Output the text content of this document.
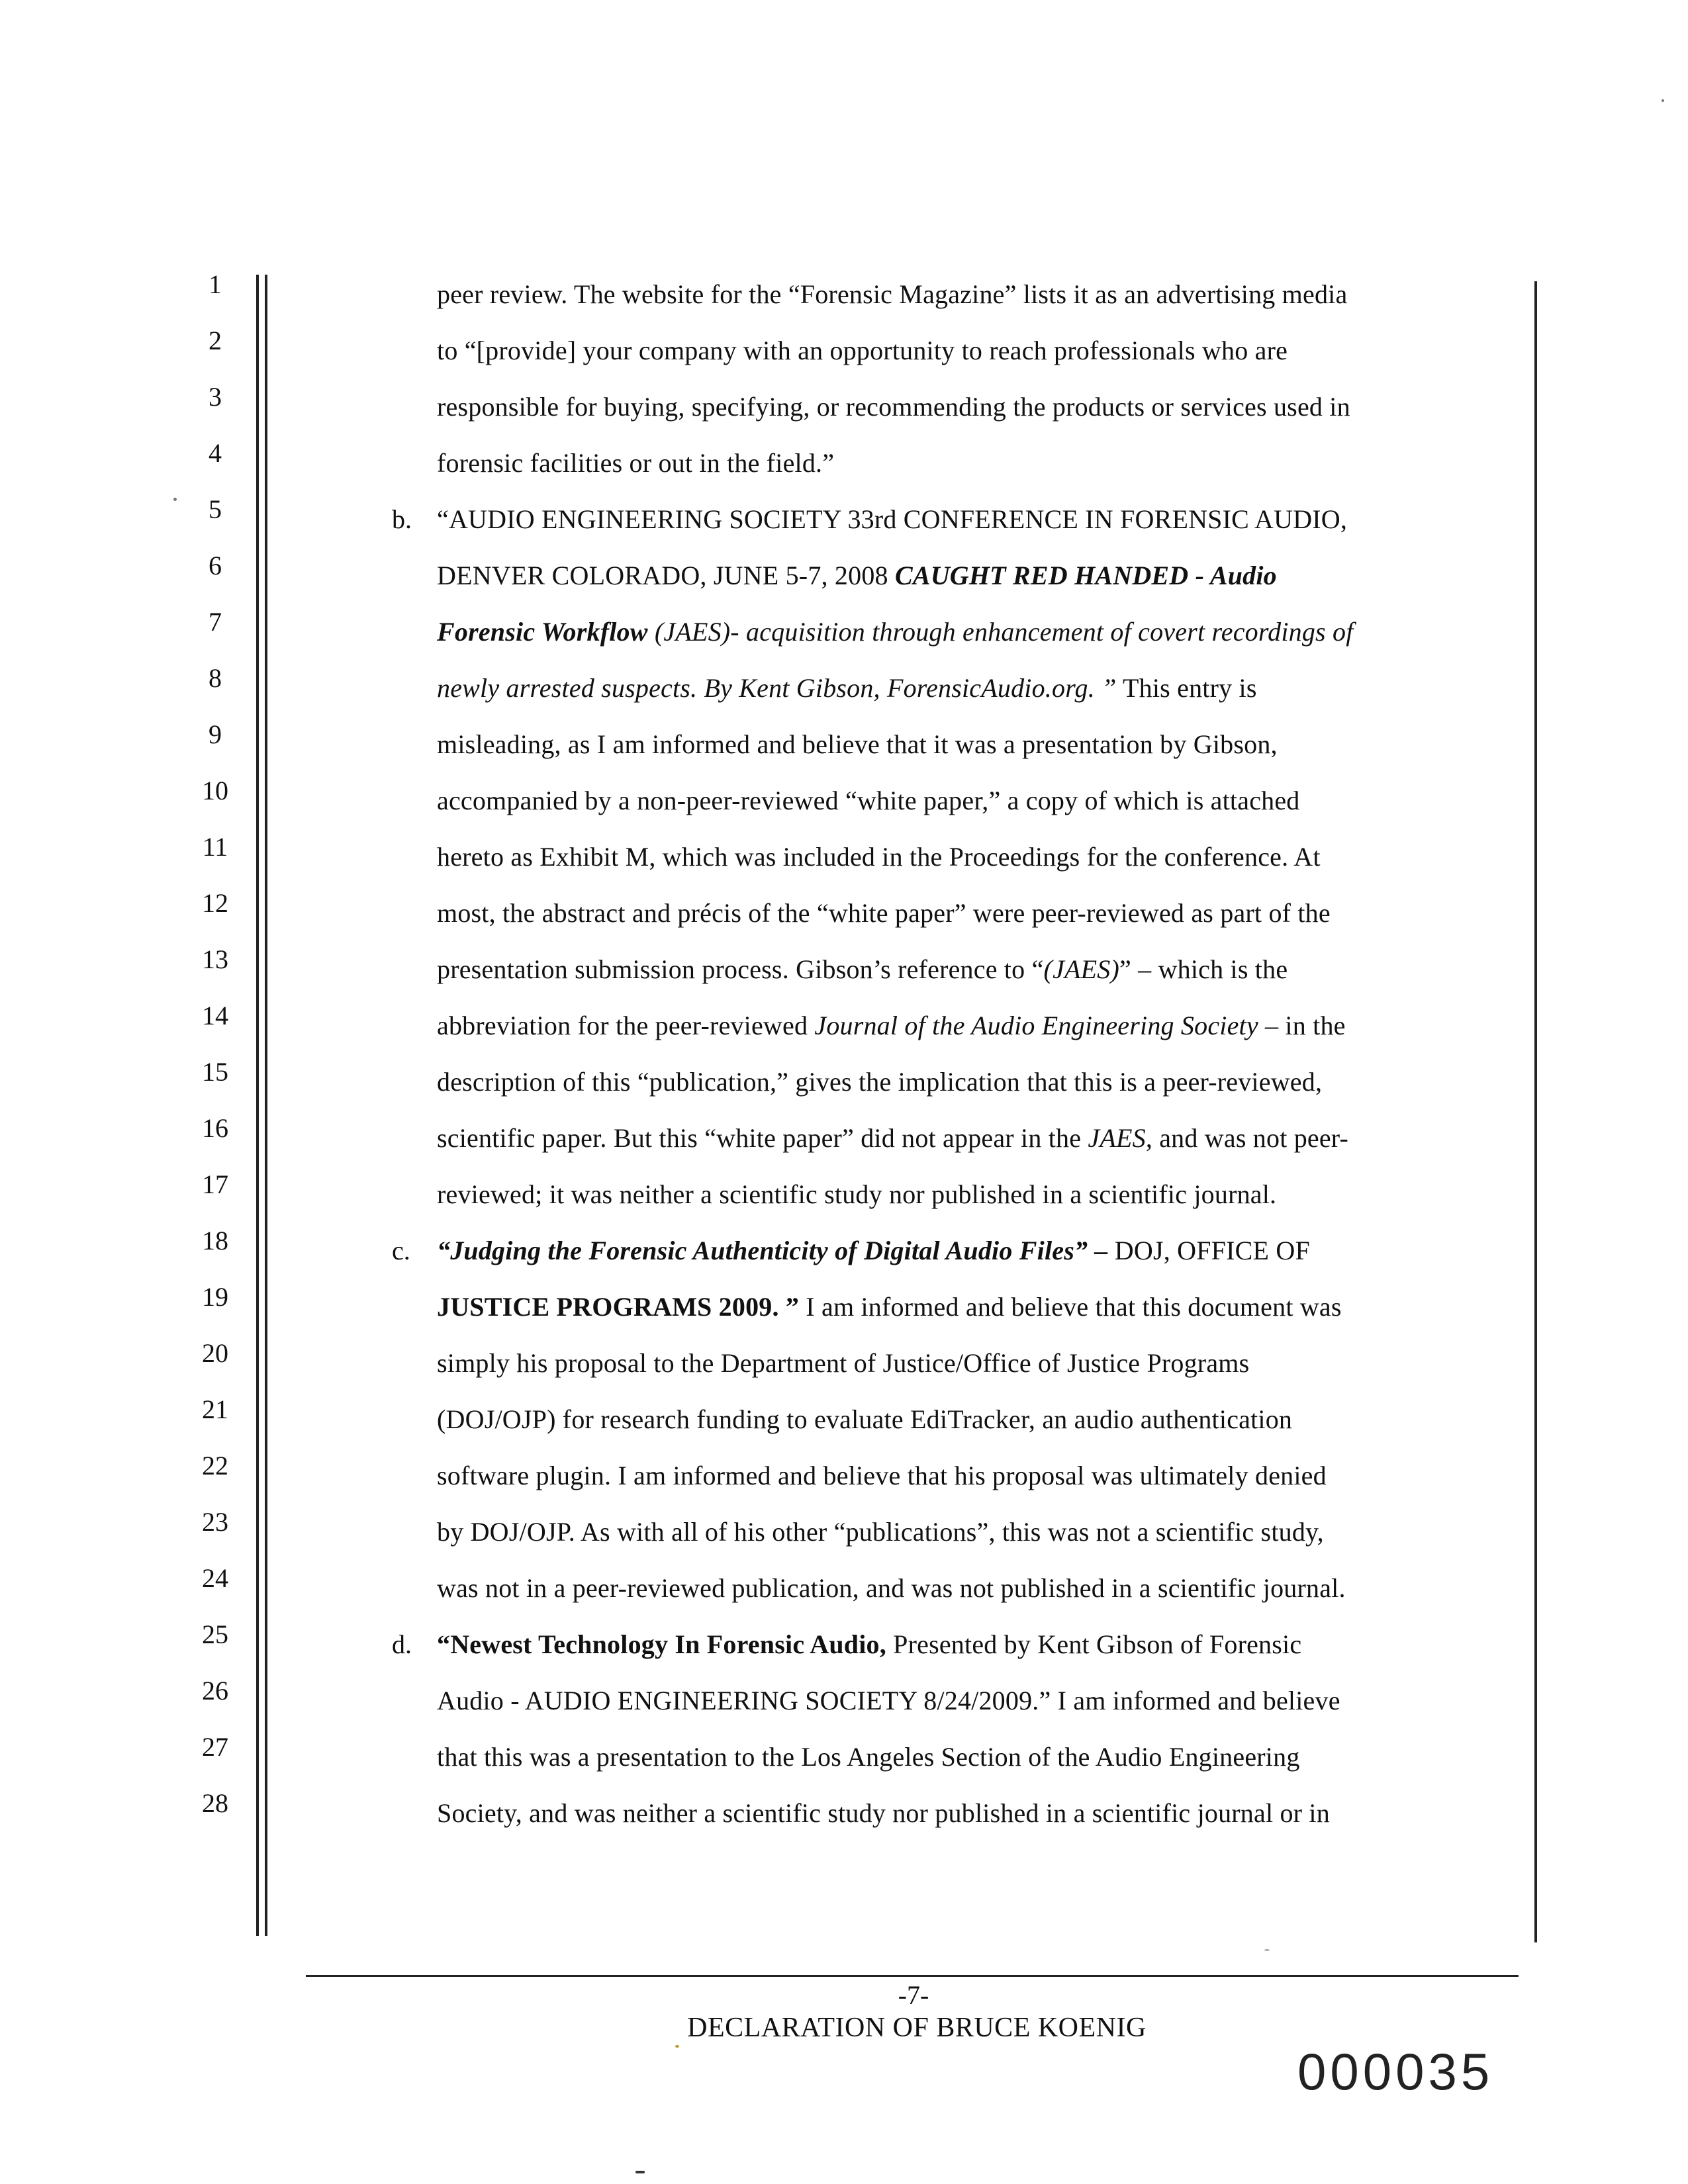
1
2
3
4
5
6
7
8
9
10
11
12
13
14
15
16
17
18
19
20
21
22
23
24
25
26
27
28
peer review. The website for the “Forensic Magazine” lists it as an advertising media
to “[provide] your company with an opportunity to reach professionals who are
responsible for buying, specifying, or recommending the products or services used in
forensic facilities or out in the field.”
b. “AUDIO ENGINEERING SOCIETY 33rd CONFERENCE IN FORENSIC AUDIO,
DENVER COLORADO, JUNE 5-7, 2008 CAUGHT RED HANDED - Audio
Forensic Workflow (JAES)- acquisition through enhancement of covert recordings of
newly arrested suspects. By Kent Gibson, ForensicAudio.org. ” This entry is
misleading, as I am informed and believe that it was a presentation by Gibson,
accompanied by a non-peer-reviewed “white paper,” a copy of which is attached
hereto as Exhibit M, which was included in the Proceedings for the conference. At
most, the abstract and précis of the “white paper” were peer-reviewed as part of the
presentation submission process. Gibson’s reference to “(JAES)” – which is the
abbreviation for the peer-reviewed Journal of the Audio Engineering Society – in the
description of this “publication,” gives the implication that this is a peer-reviewed,
scientific paper. But this “white paper” did not appear in the JAES, and was not peer-
reviewed; it was neither a scientific study nor published in a scientific journal.
c.	“Judging the Forensic Authenticity of Digital Audio Files” – DOJ, OFFICE OF
JUSTICE PROGRAMS 2009. ” I am informed and believe that this document was
simply his proposal to the Department of Justice/Office of Justice Programs
(DOJ/OJP) for research funding to evaluate EdiTracker, an audio authentication
software plugin. I am informed and believe that his proposal was ultimately denied
by DOJ/OJP. As with all of his other “publications”, this was not a scientific study,
was not in a peer-reviewed publication, and was not published in a scientific journal.
d. “Newest Technology In Forensic Audio, Presented by Kent Gibson of Forensic
Audio - AUDIO ENGINEERING SOCIETY 8/24/2009.” I am informed and believe
that this was a presentation to the Los Angeles Section of the Audio Engineering
Society, and was neither a scientific study nor published in a scientific journal or in
-7-
DECLARATION OF BRUCE KOENIG
000035
